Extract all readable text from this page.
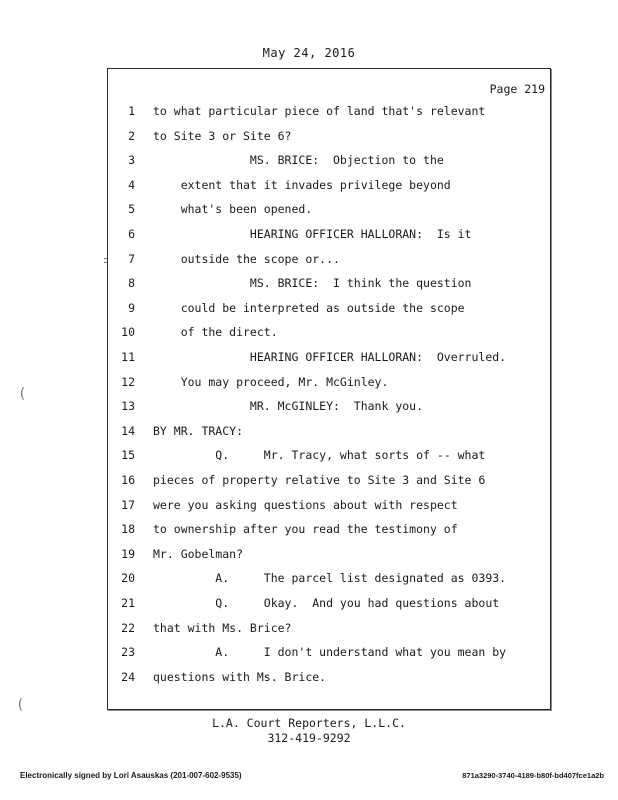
May 24, 2016
Page 219
1 to what particular piece of land that's relevant
2 to Site 3 or Site 6?
3 MS. BRICE:  Objection to the
4 extent that it invades privilege beyond
5 what's been opened.
6 HEARING OFFICER HALLORAN:  Is it
7 outside the scope or...
8 MS. BRICE:  I think the question
9 could be interpreted as outside the scope
10 of the direct.
11 HEARING OFFICER HALLORAN:  Overruled.
12 You may proceed, Mr. McGinley.
13 MR. McGINLEY:  Thank you.
14 BY MR. TRACY:
15 Q.     Mr. Tracy, what sorts of -- what
16 pieces of property relative to Site 3 and Site 6
17 were you asking questions about with respect
18 to ownership after you read the testimony of
19 Mr. Gobelman?
20 A.     The parcel list designated as 0393.
21 Q.     Okay.  And you had questions about
22 that with Ms. Brice?
23 A.     I don't understand what you mean by
24 questions with Ms. Brice.
L.A. Court Reporters, L.L.C.
312-419-9292
Electronically signed by Lori Asauskas (201-007-602-9535)	871a3290-3740-4189-b80f-bd407fce1a2b
(
(
